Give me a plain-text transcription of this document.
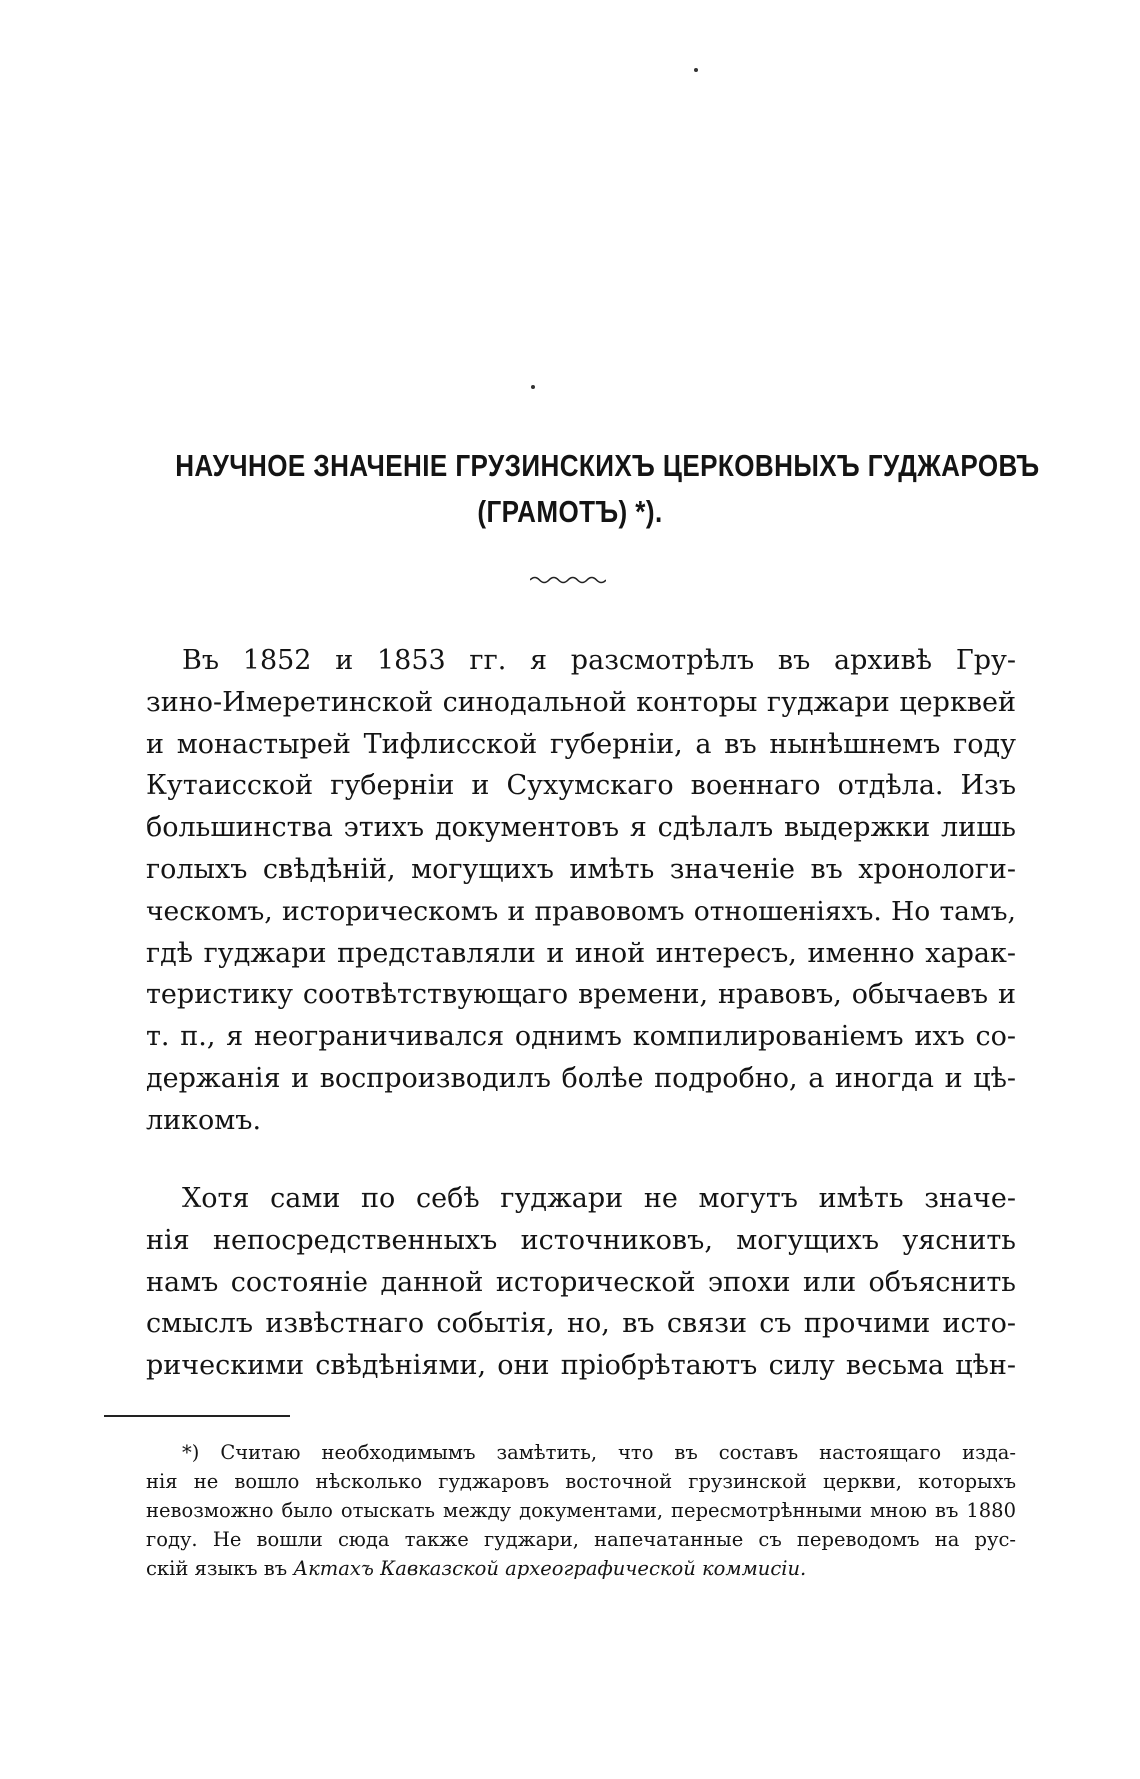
НАУЧНОЕ ЗНАЧЕНІЕ ГРУЗИНСКИХЪ ЦЕРКОВНЫХЪ ГУДЖАРОВЪ
(ГРАМОТЪ) *).
Въ 1852 и 1853 гг. я разсмотрѣлъ въ архивѣ Гру-
зино-Имеретинской синодальной конторы гуджари церквей
и монастырей Тифлисской губерніи, а въ нынѣшнемъ году
Кутаисской губерніи и Сухумскаго военнаго отдѣла. Изъ
большинства этихъ документовъ я сдѣлалъ выдержки лишь
голыхъ свѣдѣній, могущихъ имѣть значеніе въ хронологи-
ческомъ, историческомъ и правовомъ отношеніяхъ. Но тамъ,
гдѣ гуджари представляли и иной интересъ, именно харак-
теристику соотвѣтствующаго времени, нравовъ, обычаевъ и
т. п., я неограничивался однимъ компилированіемъ ихъ со-
держанія и воспроизводилъ болѣе подробно, а иногда и цѣ-
ликомъ.
Хотя сами по себѣ гуджари не могутъ имѣть значе-
нія непосредственныхъ источниковъ, могущихъ уяснить
намъ состояніе данной исторической эпохи или объяснить
смыслъ извѣстнаго событія, но, въ связи съ прочими исто-
рическими свѣдѣніями, они пріобрѣтаютъ силу весьма цѣн-
*) Считаю необходимымъ замѣтить, что въ составъ настоящаго изда-
нія не вошло нѣсколько гуджаровъ восточной грузинской церкви, которыхъ
невозможно было отыскать между документами, пересмотрѣнными мною въ 1880
году. Не вошли сюда также гуджари, напечатанные съ переводомъ на рус-
скій языкъ въ Актахъ Кавказской археографической коммисіи.
